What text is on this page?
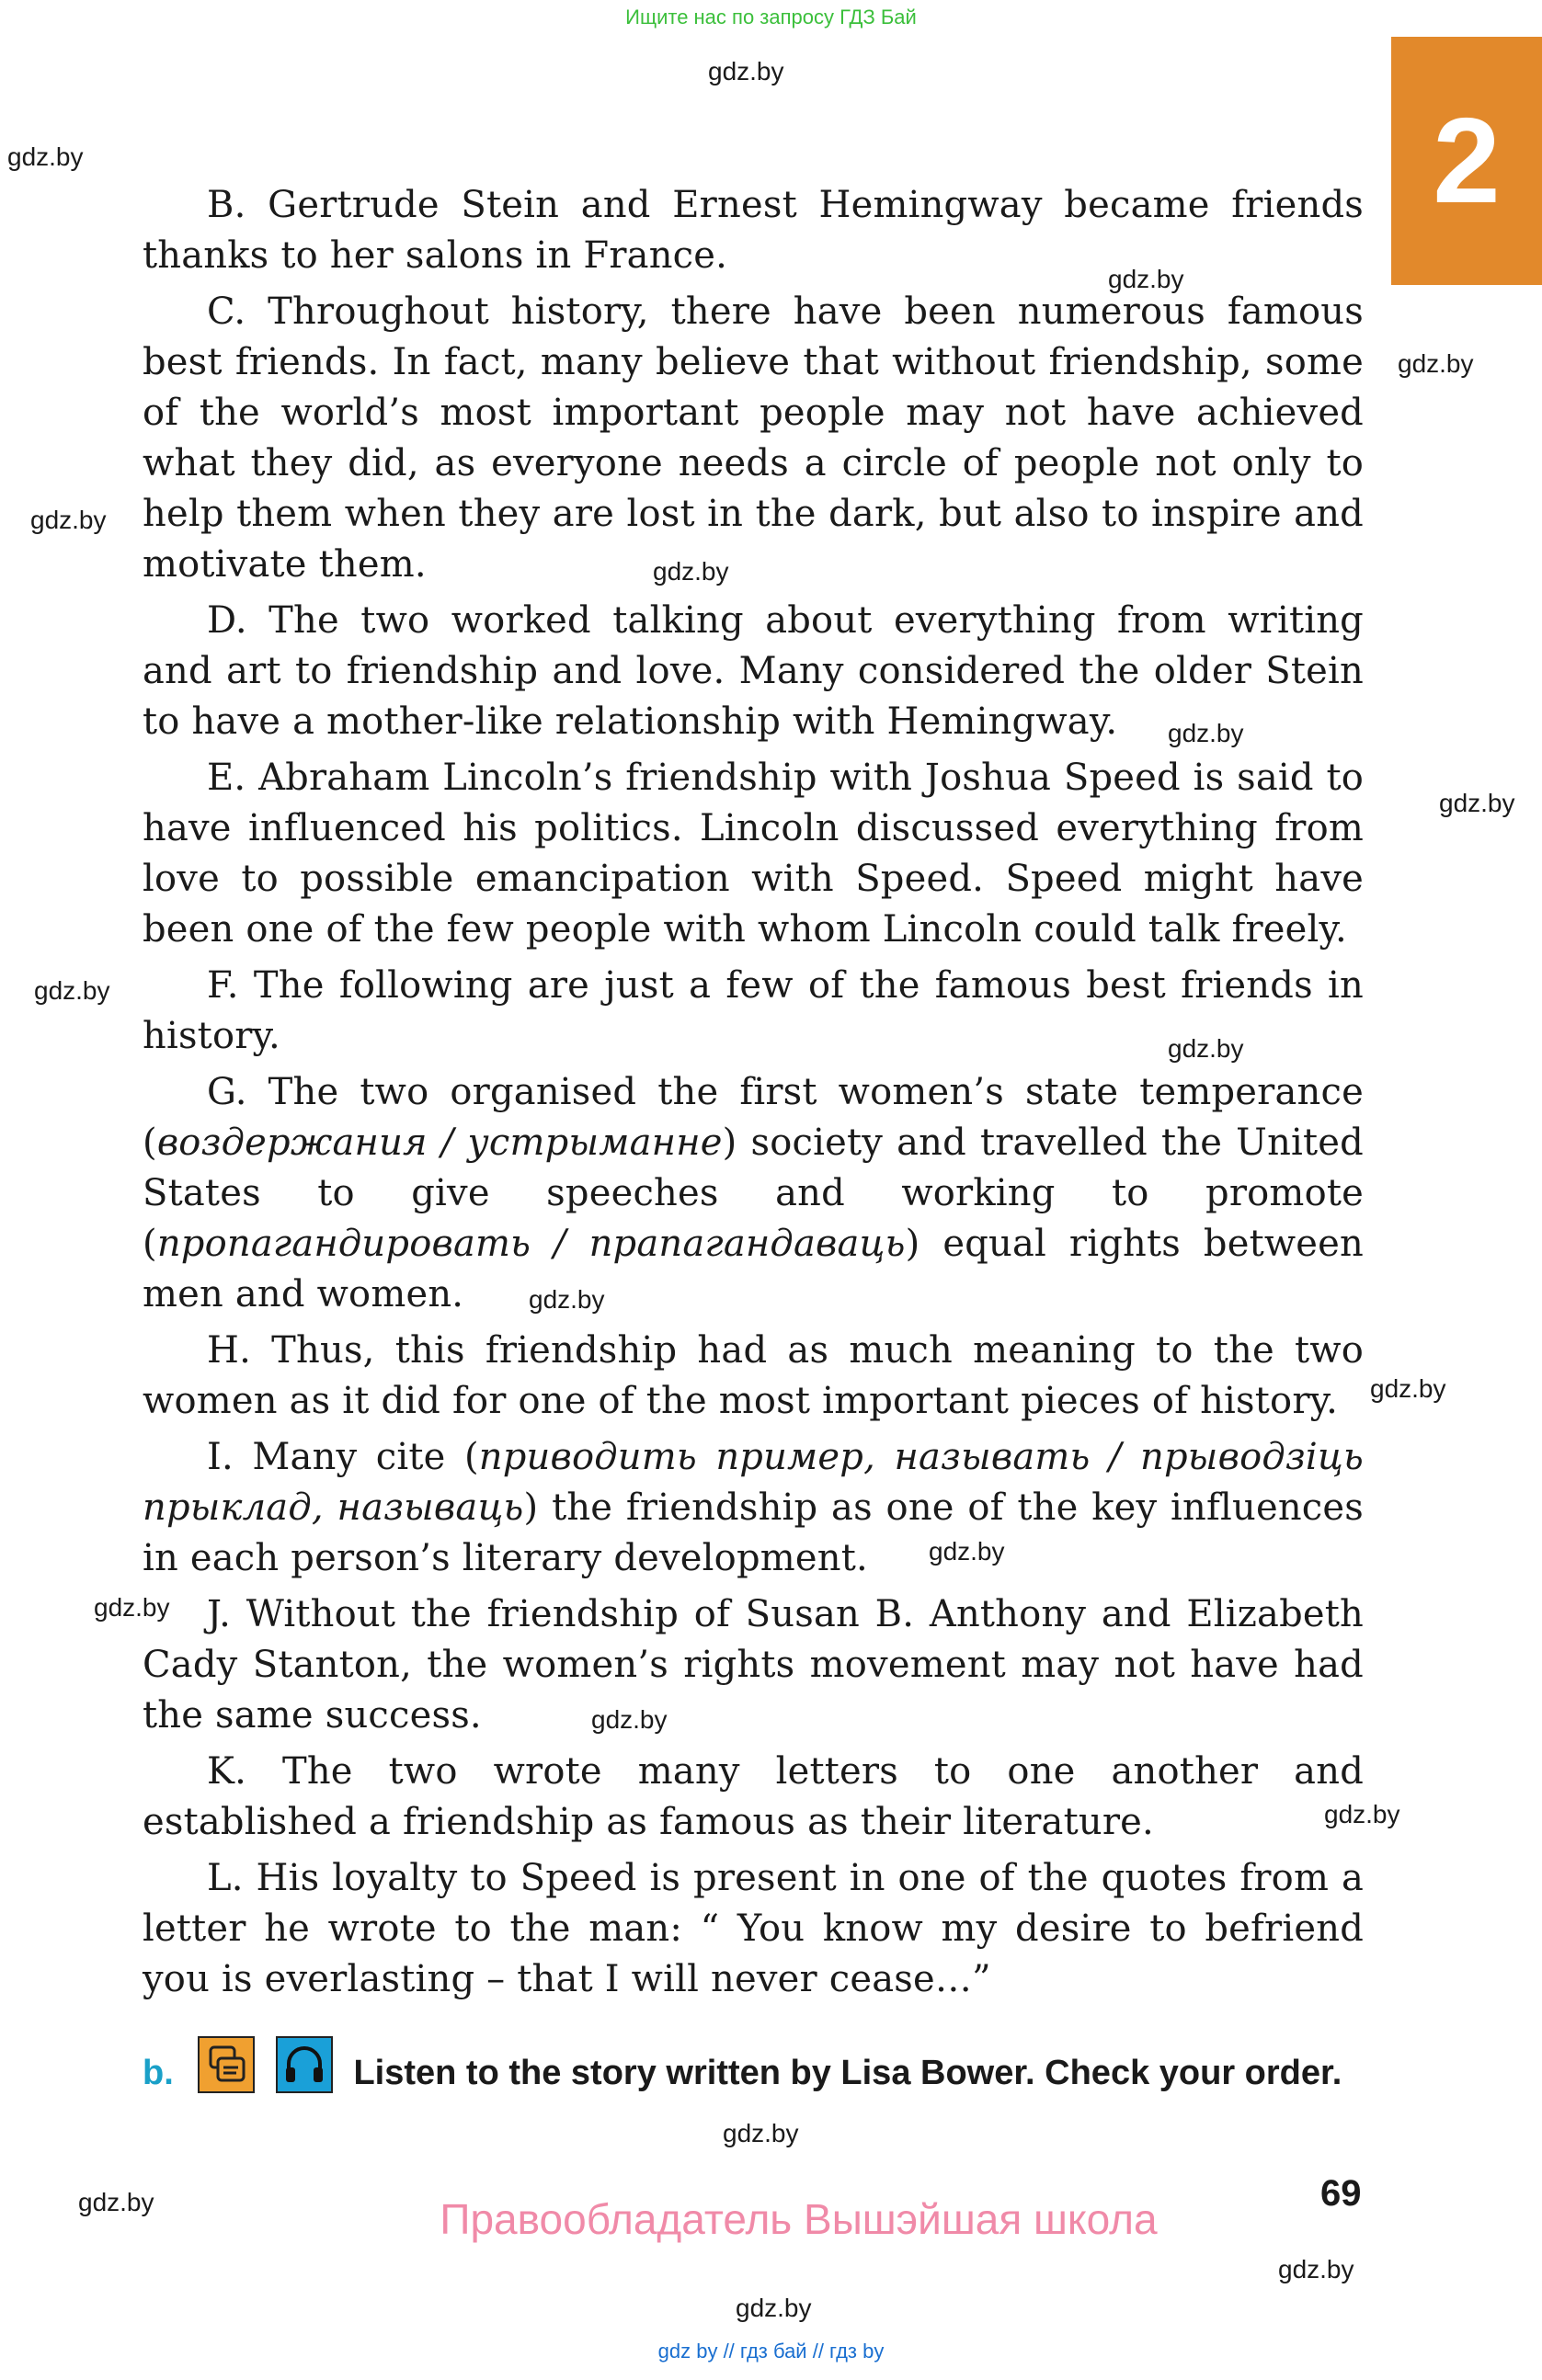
Ищите нас по запросу ГДЗ Бай
2
gdz.by
gdz.by
gdz.by
gdz.by
gdz.by
gdz.by
gdz.by
gdz.by
gdz.by
gdz.by
gdz.by
gdz.by
gdz.by
gdz.by
gdz.by
gdz.by
gdz.by
gdz.by
gdz.by
gdz.by

B. Gertrude Stein and Ernest Hemingway became friends thanks to her salons in France.

C. Throughout history, there have been numerous famous best friends. In fact, many believe that without friendship, some of the world’s most important people may not have achieved what they did, as everyone needs a circle of people not only to help them when they are lost in the dark, but also to inspire and motivate them.

D. The two worked talking about everything from writing and art to friendship and love. Many considered the older Stein to have a mother-like relationship with Hemingway.

E. Abraham Lincoln’s friendship with Joshua Speed is said to have influenced his politics. Lincoln discussed everything from love to possible emancipation with Speed. Speed might have been one of the few people with whom Lincoln could talk freely.

F. The following are just a few of the famous best friends in history.

G. The two organised the first women’s state temperance (воздержания / устрыманне) society and travelled the United States to give speeches and working to promote (пропагандировать / прапагандаваць) equal rights between men and women.

H. Thus, this friendship had as much meaning to the two women as it did for one of the most important pieces of history.

I. Many cite (приводить пример, называть / прыводзіць прыклад, называць) the friendship as one of the key influences in each person’s literary development.

J. Without the friendship of Susan B. Anthony and Elizabeth Cady Stanton, the women’s rights movement may not have had the same success.

K. The two wrote many letters to one another and established a friendship as famous as their literature.

L. His loyalty to Speed is present in one of the quotes from a letter he wrote to the man: “ You know my desire to befriend you is everlasting – that I will never cease…”

b.	Listen to the story written by Lisa Bower. Check your order.
69
Правообладатель Вышэйшая школа
gdz by // гдз бай // гдз by
